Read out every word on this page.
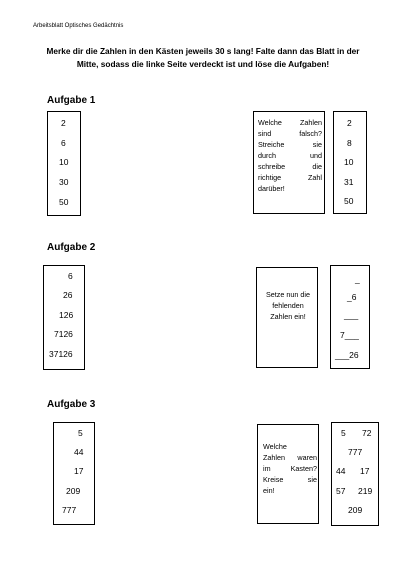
Arbeitsblatt Optisches Gedächtnis
Merke dir die Zahlen in den Kästen jeweils 30 s lang! Falte dann das Blatt in der Mitte, sodass die linke Seite verdeckt ist und löse die Aufgaben!
Aufgabe 1
2
6
10
30
50
Welche Zahlen
sind falsch?
Streiche sie
durch und
schreibe die
richtige Zahl
darüber!
2
8
10
31
50
Aufgabe 2
6
26
126
7126
37126
Setze nun die
fehlenden
Zahlen ein!
_
_6
___
7___
___26
Aufgabe 3
5
44
17
209
777
Welche
Zahlen waren
im Kasten?
Kreise sie
ein!
5 72
777
44 17
57 219
209
